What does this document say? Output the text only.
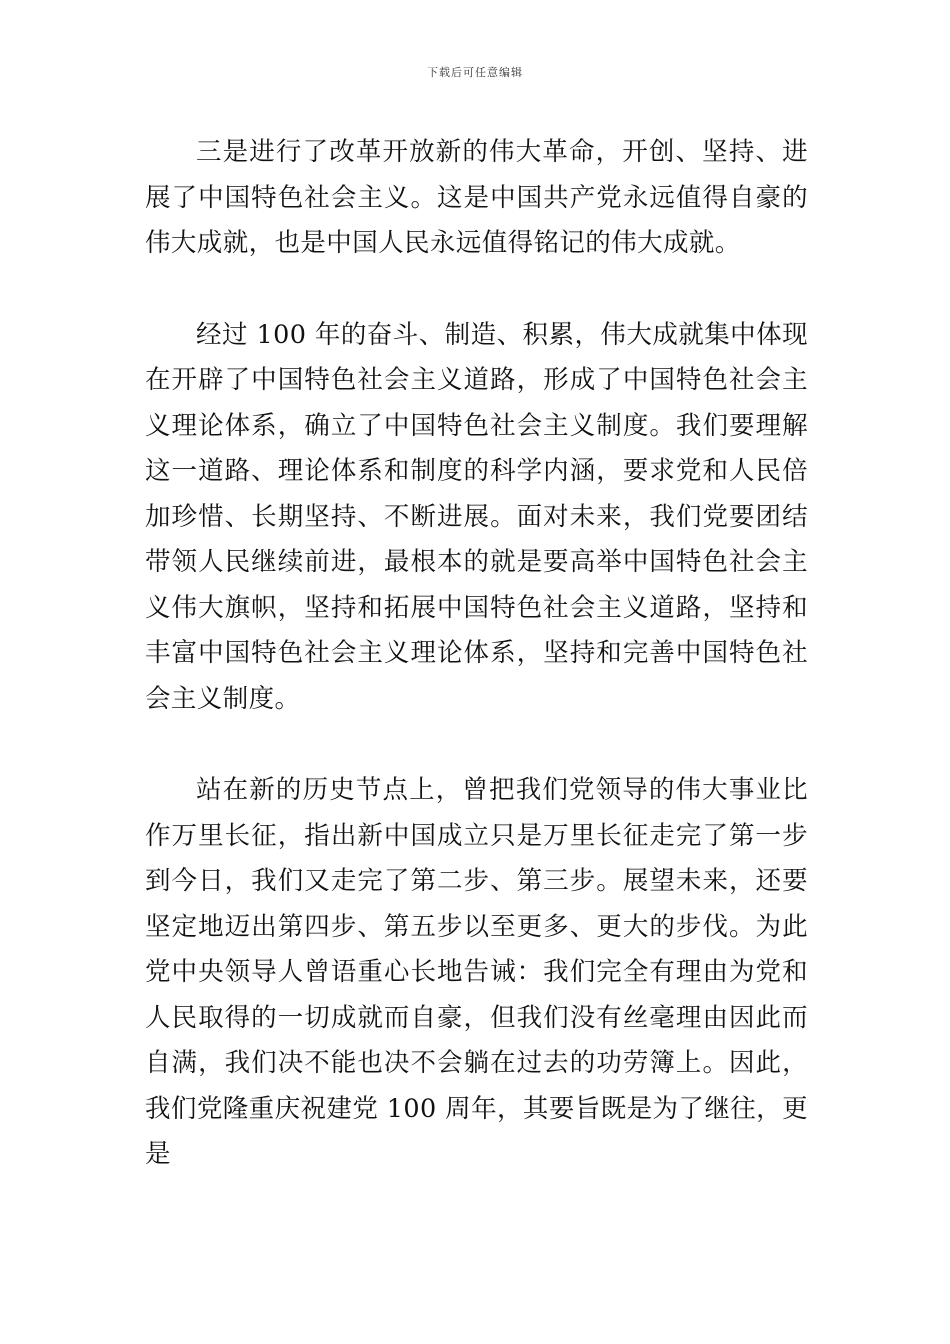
下载后可任意编辑

三是进行了改革开放新的伟大革命，开创、坚持、进展了中国特色社会主义。这是中国共产党永远值得自豪的伟大成就，也是中国人民永远值得铭记的伟大成就。

经过 100 年的奋斗、制造、积累，伟大成就集中体现在开辟了中国特色社会主义道路，形成了中国特色社会主义理论体系，确立了中国特色社会主义制度。我们要理解这一道路、理论体系和制度的科学内涵，要求党和人民倍加珍惜、长期坚持、不断进展。面对未来，我们党要团结带领人民继续前进，最根本的就是要高举中国特色社会主义伟大旗帜，坚持和拓展中国特色社会主义道路，坚持和丰富中国特色社会主义理论体系，坚持和完善中国特色社会主义制度。

站在新的历史节点上，曾把我们党领导的伟大事业比作万里长征，指出新中国成立只是万里长征走完了第一步到今日，我们又走完了第二步、第三步。展望未来，还要坚定地迈出第四步、第五步以至更多、更大的步伐。为此党中央领导人曾语重心长地告诫：我们完全有理由为党和人民取得的一切成就而自豪，但我们没有丝毫理由因此而自满，我们决不能也决不会躺在过去的功劳簿上。因此，我们党隆重庆祝建党 100 周年，其要旨既是为了继往，更是
